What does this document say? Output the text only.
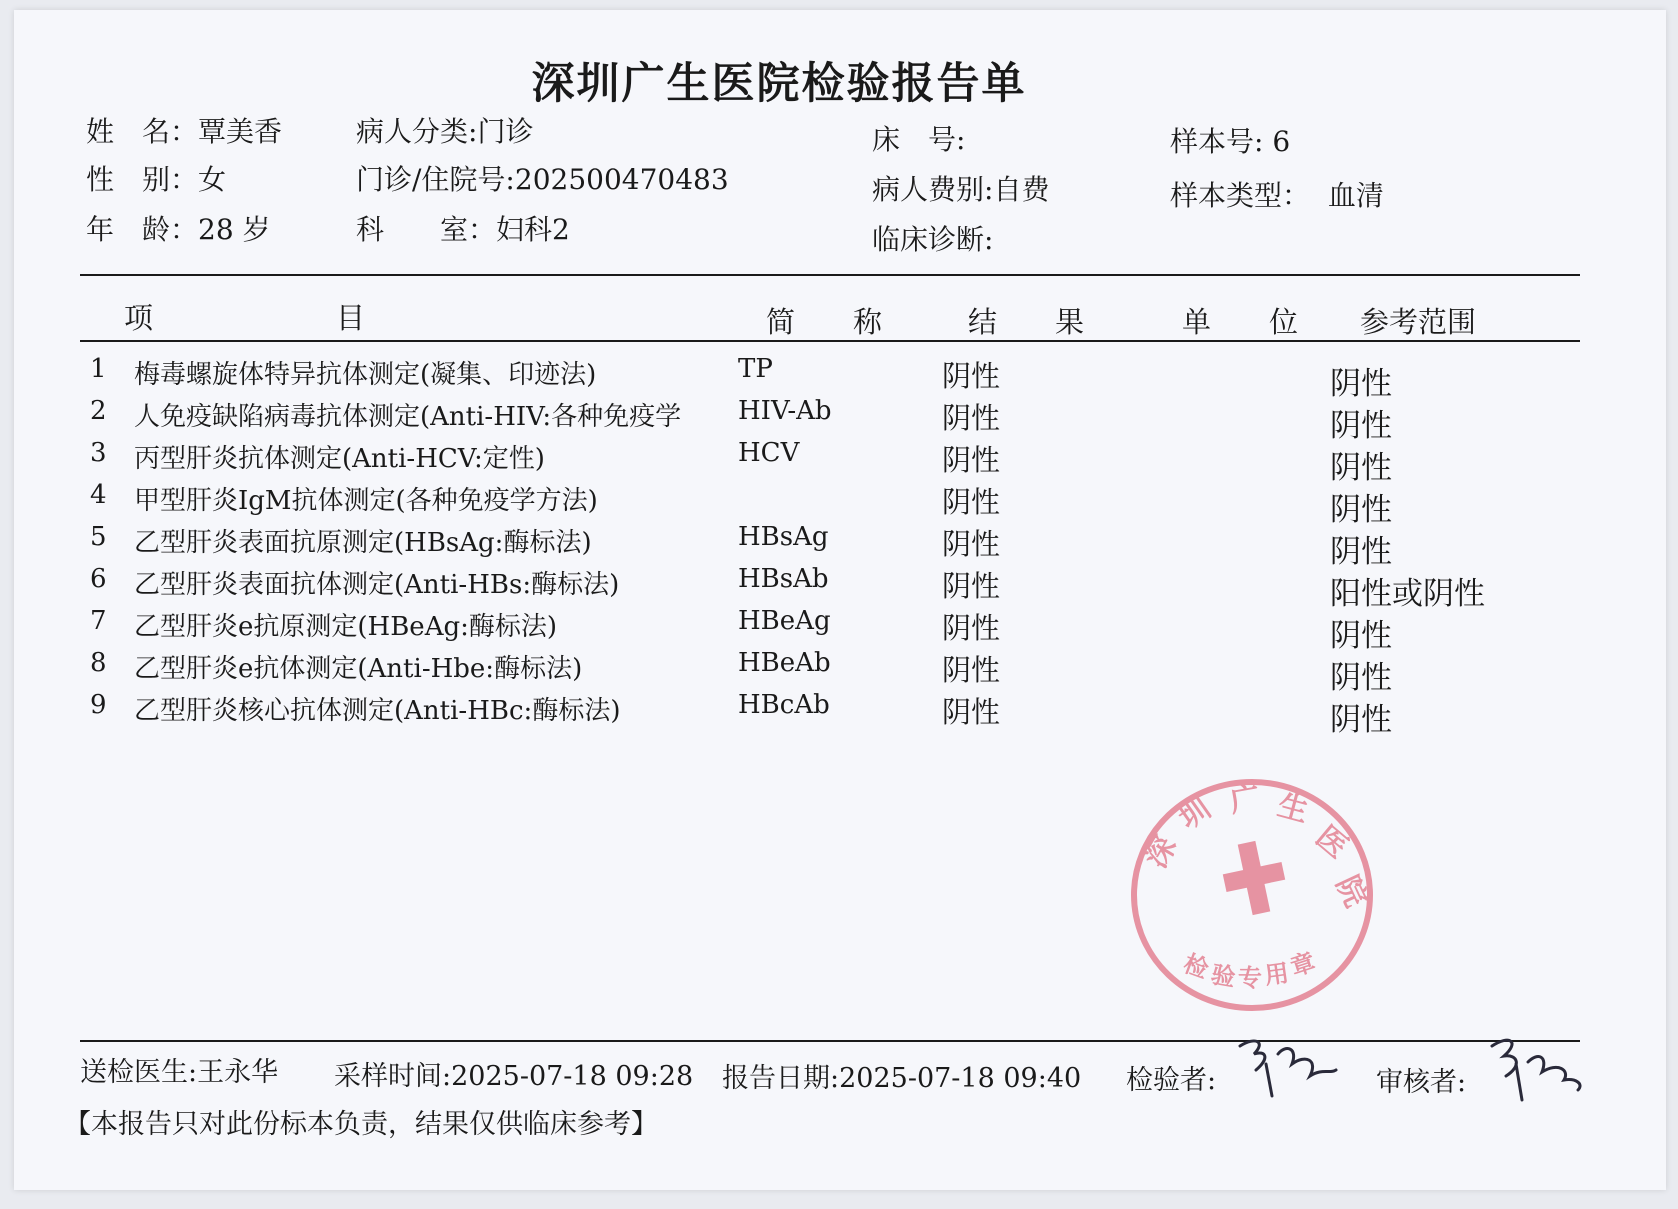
深圳广生医院检验报告单
姓　名：覃美香
性　别：女
年　龄：28 岁
病人分类:门诊
门诊/住院号:202500470483
科　　室：妇科2
床　号:
病人费别:自费
临床诊断:
样本号: 6
样本类型： 血清
项	目	简　　称	结　　果	单　　位 参考范围
1 梅毒螺旋体特异抗体测定(凝集、印迹法)	TP	阴性	阴性
2 人免疫缺陷病毒抗体测定(Anti-HIV:各种免疫学 HIV-Ab	阴性	阴性
3 丙型肝炎抗体测定(Anti-HCV:定性)	HCV	阴性	阴性
4 甲型肝炎IgM抗体测定(各种免疫学方法)	阴性	阴性
5 乙型肝炎表面抗原测定(HBsAg:酶标法)	HBsAg	阴性	阴性
6 乙型肝炎表面抗体测定(Anti-HBs:酶标法)	HBsAb	阴性	阳性或阴性
7 乙型肝炎e抗原测定(HBeAg:酶标法)	HBeAg	阴性	阴性
8 乙型肝炎e抗体测定(Anti-Hbe:酶标法)	HBeAb	阴性	阴性
9 乙型肝炎核心抗体测定(Anti-HBc:酶标法)	HBcAb	阴性	阴性
深
圳 广 生
医
院
检
验 专 用
章
送检医生:王永华 采样时间:2025-07-18 09:28 报告日期:2025-07-18 09:40 检验者:	审核者:
【本报告只对此份标本负责，结果仅供临床参考】
